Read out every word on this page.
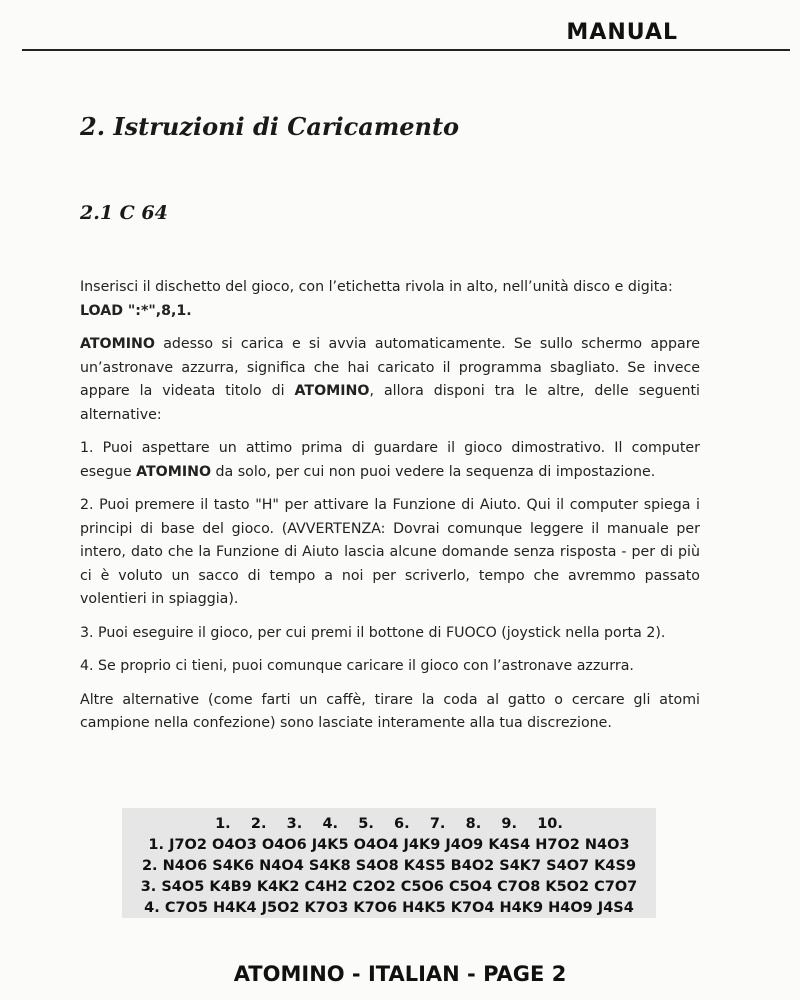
MANUAL
2. Istruzioni di Caricamento
2.1 C 64

Inserisci il dischetto del gioco, con l’etichetta rivola in alto, nell’unità disco e digita:

LOAD ":*",8,1.

ATOMINO adesso si carica e si avvia automaticamente. Se sullo schermo appare un’astronave azzurra, significa che hai caricato il programma sbagliato. Se invece appare la videata titolo di ATOMINO, allora disponi tra le altre, delle seguenti alternative:

1. Puoi aspettare un attimo prima di guardare il gioco dimostrativo. Il computer esegue ATOMINO da solo, per cui non puoi vedere la sequenza di impostazione.

2. Puoi premere il tasto "H" per attivare la Funzione di Aiuto. Qui il computer spiega i principi di base del gioco. (AVVERTENZA: Dovrai comunque leggere il manuale per intero, dato che la Funzione di Aiuto lascia alcune domande senza risposta - per di più ci è voluto un sacco di tempo a noi per scriverlo, tempo che avremmo passato volentieri in spiaggia).

3. Puoi eseguire il gioco, per cui premi il bottone di FUOCO (joystick nella porta 2).

4. Se proprio ci tieni, puoi comunque caricare il gioco con l’astronave azzurra.

Altre alternative (come farti un caffè, tirare la coda al gatto o cercare gli atomi campione nella confezione) sono lasciate interamente alla tua discrezione.

1.    2.    3.    4.    5.    6.    7.    8.    9.    10.
1. J7O2 O4O3 O4O6 J4K5 O4O4 J4K9 J4O9 K4S4 H7O2 N4O3
2. N4O6 S4K6 N4O4 S4K8 S4O8 K4S5 B4O2 S4K7 S4O7 K4S9
3. S4O5 K4B9 K4K2 C4H2 C2O2 C5O6 C5O4 C7O8 K5O2 C7O7
4. C7O5 H4K4 J5O2 K7O3 K7O6 H4K5 K7O4 H4K9 H4O9 J4S4
ATOMINO - ITALIAN - PAGE 2
